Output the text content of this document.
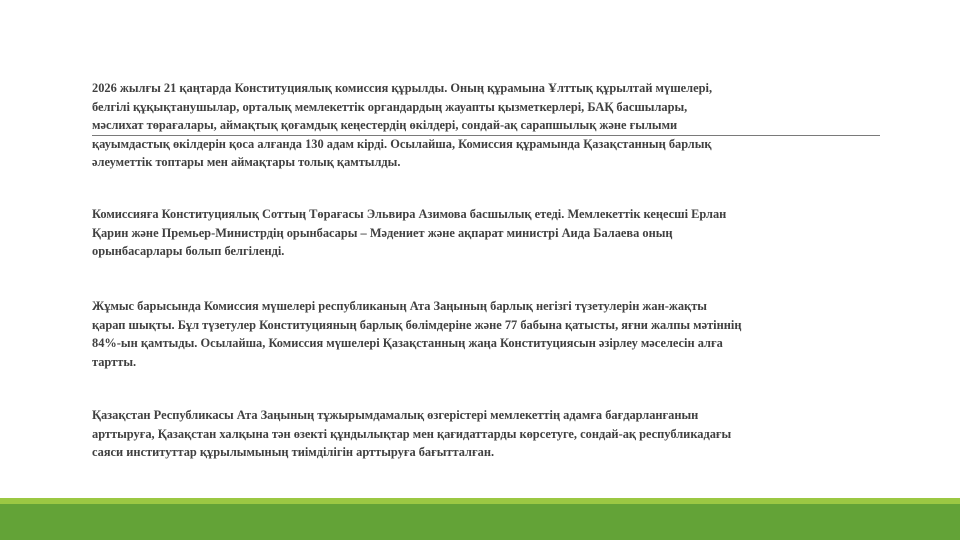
2026 жылғы 21 қаңтарда Конституциялық комиссия құрылды. Оның құрамына Ұлттық құрылтай мүшелері,
белгілі құқықтанушылар, орталық мемлекеттік органдардың жауапты қызметкерлері, БАҚ басшылары,
мәслихат төрағалары, аймақтық қоғамдық кеңестердің өкілдері, сондай-ақ сарапшылық және ғылыми
қауымдастық өкілдерін қоса алғанда 130 адам кірді. Осылайша, Комиссия құрамында Қазақстанның барлық
әлеуметтік топтары мен аймақтары толық қамтылды.

Комиссияға Конституциялық Соттың Төрағасы Эльвира Азимова басшылық етеді. Мемлекеттік кеңесші Ерлан
Қарин және Премьер-Министрдің орынбасары – Мәдениет және ақпарат министрі Аида Балаева оның
орынбасарлары болып белгіленді.

Жұмыс барысында Комиссия мүшелері республиканың Ата Заңының барлық негізгі түзетулерін жан-жақты
қарап шықты. Бұл түзетулер Конституцияның барлық бөлімдеріне және 77 бабына қатысты, яғни жалпы мәтіннің
84%-ын қамтыды. Осылайша, Комиссия мүшелері Қазақстанның жаңа Конституциясын әзірлеу мәселесін алға
тартты.

Қазақстан Республикасы Ата Заңының тұжырымдамалық өзгерістері мемлекеттің адамға бағдарланғанын
арттыруға, Қазақстан халқына тән өзекті құндылықтар мен қағидаттарды көрсетуге, сондай-ақ республикадағы
саяси институттар құрылымының тиімділігін арттыруға бағытталған.
